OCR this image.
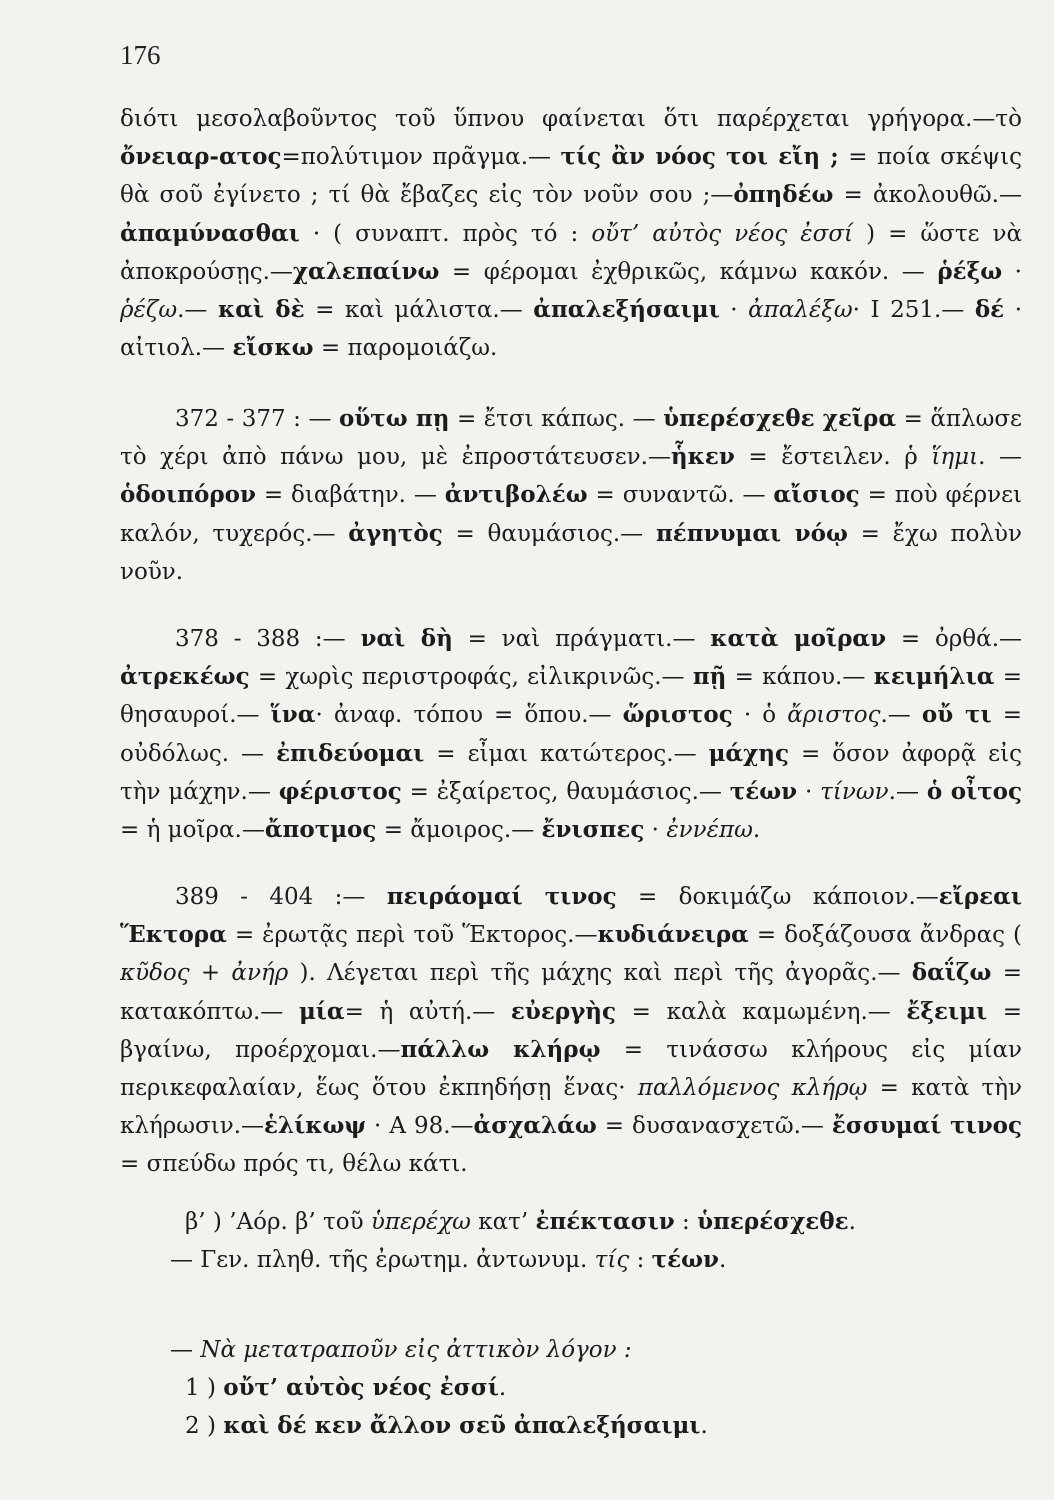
176

διότι μεσολαβοῦντος τοῦ ὕπνου φαίνεται ὅτι παρέρχεται γρήγορα.—τὸ ὄνειαρ-ατος=πολύτιμον πρᾶγμα.— τίς ἂν νόος τοι εἴη ; = ποία σκέψις θὰ σοῦ ἐγίνετο ; τί θὰ ἔβαζες εἰς τὸν νοῦν σου ;—ὀπηδέω = ἀκολουθῶ.— ἀπαμύνασθαι · ( συναπτ. πρὸς τό : οὔτ’ αὐτὸς νέος ἐσσί ) = ὥστε νὰ ἀποκρούσῃς.—χαλεπαίνω = φέρομαι ἐχθρικῶς, κάμνω κακόν. — ῥέξω · ῥέζω.— καὶ δὲ = καὶ μάλιστα.— ἀπαλεξήσαιμι · ἀπαλέξω· Ι 251.— δέ · αἰτιολ.— εἴσκω = παρομοιάζω.

372 - 377 : — οὕτω πῃ = ἔτσι κάπως. — ὑπερέσχεθε χεῖρα = ἅπλωσε τὸ χέρι ἀπὸ πάνω μου, μὲ ἐπροστάτευσεν.—ἧκεν = ἔστειλεν. ῥ ἵημι. — ὁδοιπόρον = διαβάτην. — ἀντιβολέω = συναντῶ. — αἴσιος = ποὺ φέρνει καλόν, τυχερός.— ἀγητὸς = θαυμάσιος.— πέπνυμαι νόῳ = ἔχω πολὺν νοῦν.

378 - 388 :— ναὶ δὴ = ναὶ πράγματι.— κατὰ μοῖραν = ὀρθά.— ἀτρεκέως = χωρὶς περιστροφάς, εἰλικρινῶς.— πῇ = κάπου.— κειμήλια = θησαυροί.— ἵνα· ἀναφ. τόπου = ὅπου.— ὥριστος · ὁ ἄριστος.— οὔ τι = οὐδόλως. — ἐπιδεύομαι = εἶμαι κατώτερος.— μάχης = ὅσον ἀφορᾷ εἰς τὴν μάχην.— φέριστος = ἐξαίρετος, θαυμάσιος.— τέων · τίνων.— ὁ οἶτος = ἡ μοῖρα.—ἄποτμος = ἄμοιρος.— ἔνισπες · ἐννέπω.

389 - 404 :— πειράομαί τινος = δοκιμάζω κάποιον.—εἴρεαι Ἕκτορα = ἐρωτᾷς περὶ τοῦ Ἕκτορος.—κυδιάνειρα = δοξάζουσα ἄνδρας ( κῦδος + ἀνήρ ). Λέγεται περὶ τῆς μάχης καὶ περὶ τῆς ἀγορᾶς.— δαΐζω = κατακόπτω.— μία= ἡ αὐτή.— εὐεργὴς = καλὰ καμωμένη.— ἔξειμι = βγαίνω, προέρχομαι.—πάλλω κλήρῳ = τινάσσω κλήρους εἰς μίαν περικεφαλαίαν, ἕως ὅτου ἐκπηδήσῃ ἕνας· παλλόμενος κλήρῳ = κατὰ τὴν κλήρωσιν.—ἑλίκωψ · Α 98.—ἀσχαλάω = δυσανασχετῶ.— ἔσσυμαί τινος = σπεύδω πρός τι, θέλω κάτι.

β’ ) ’Αόρ. β’ τοῦ ὑπερέχω κατ’ ἐπέκτασιν : ὑπερέσχεθε.

— Γεν. πληθ. τῆς ἐρωτημ. ἀντωνυμ. τίς : τέων.

— Νὰ μετατραποῦν εἰς ἀττικὸν λόγον :

1 ) οὔτ’ αὐτὸς νέος ἐσσί.

2 ) καὶ δέ κεν ἄλλον σεῦ ἀπαλεξήσαιμι.
